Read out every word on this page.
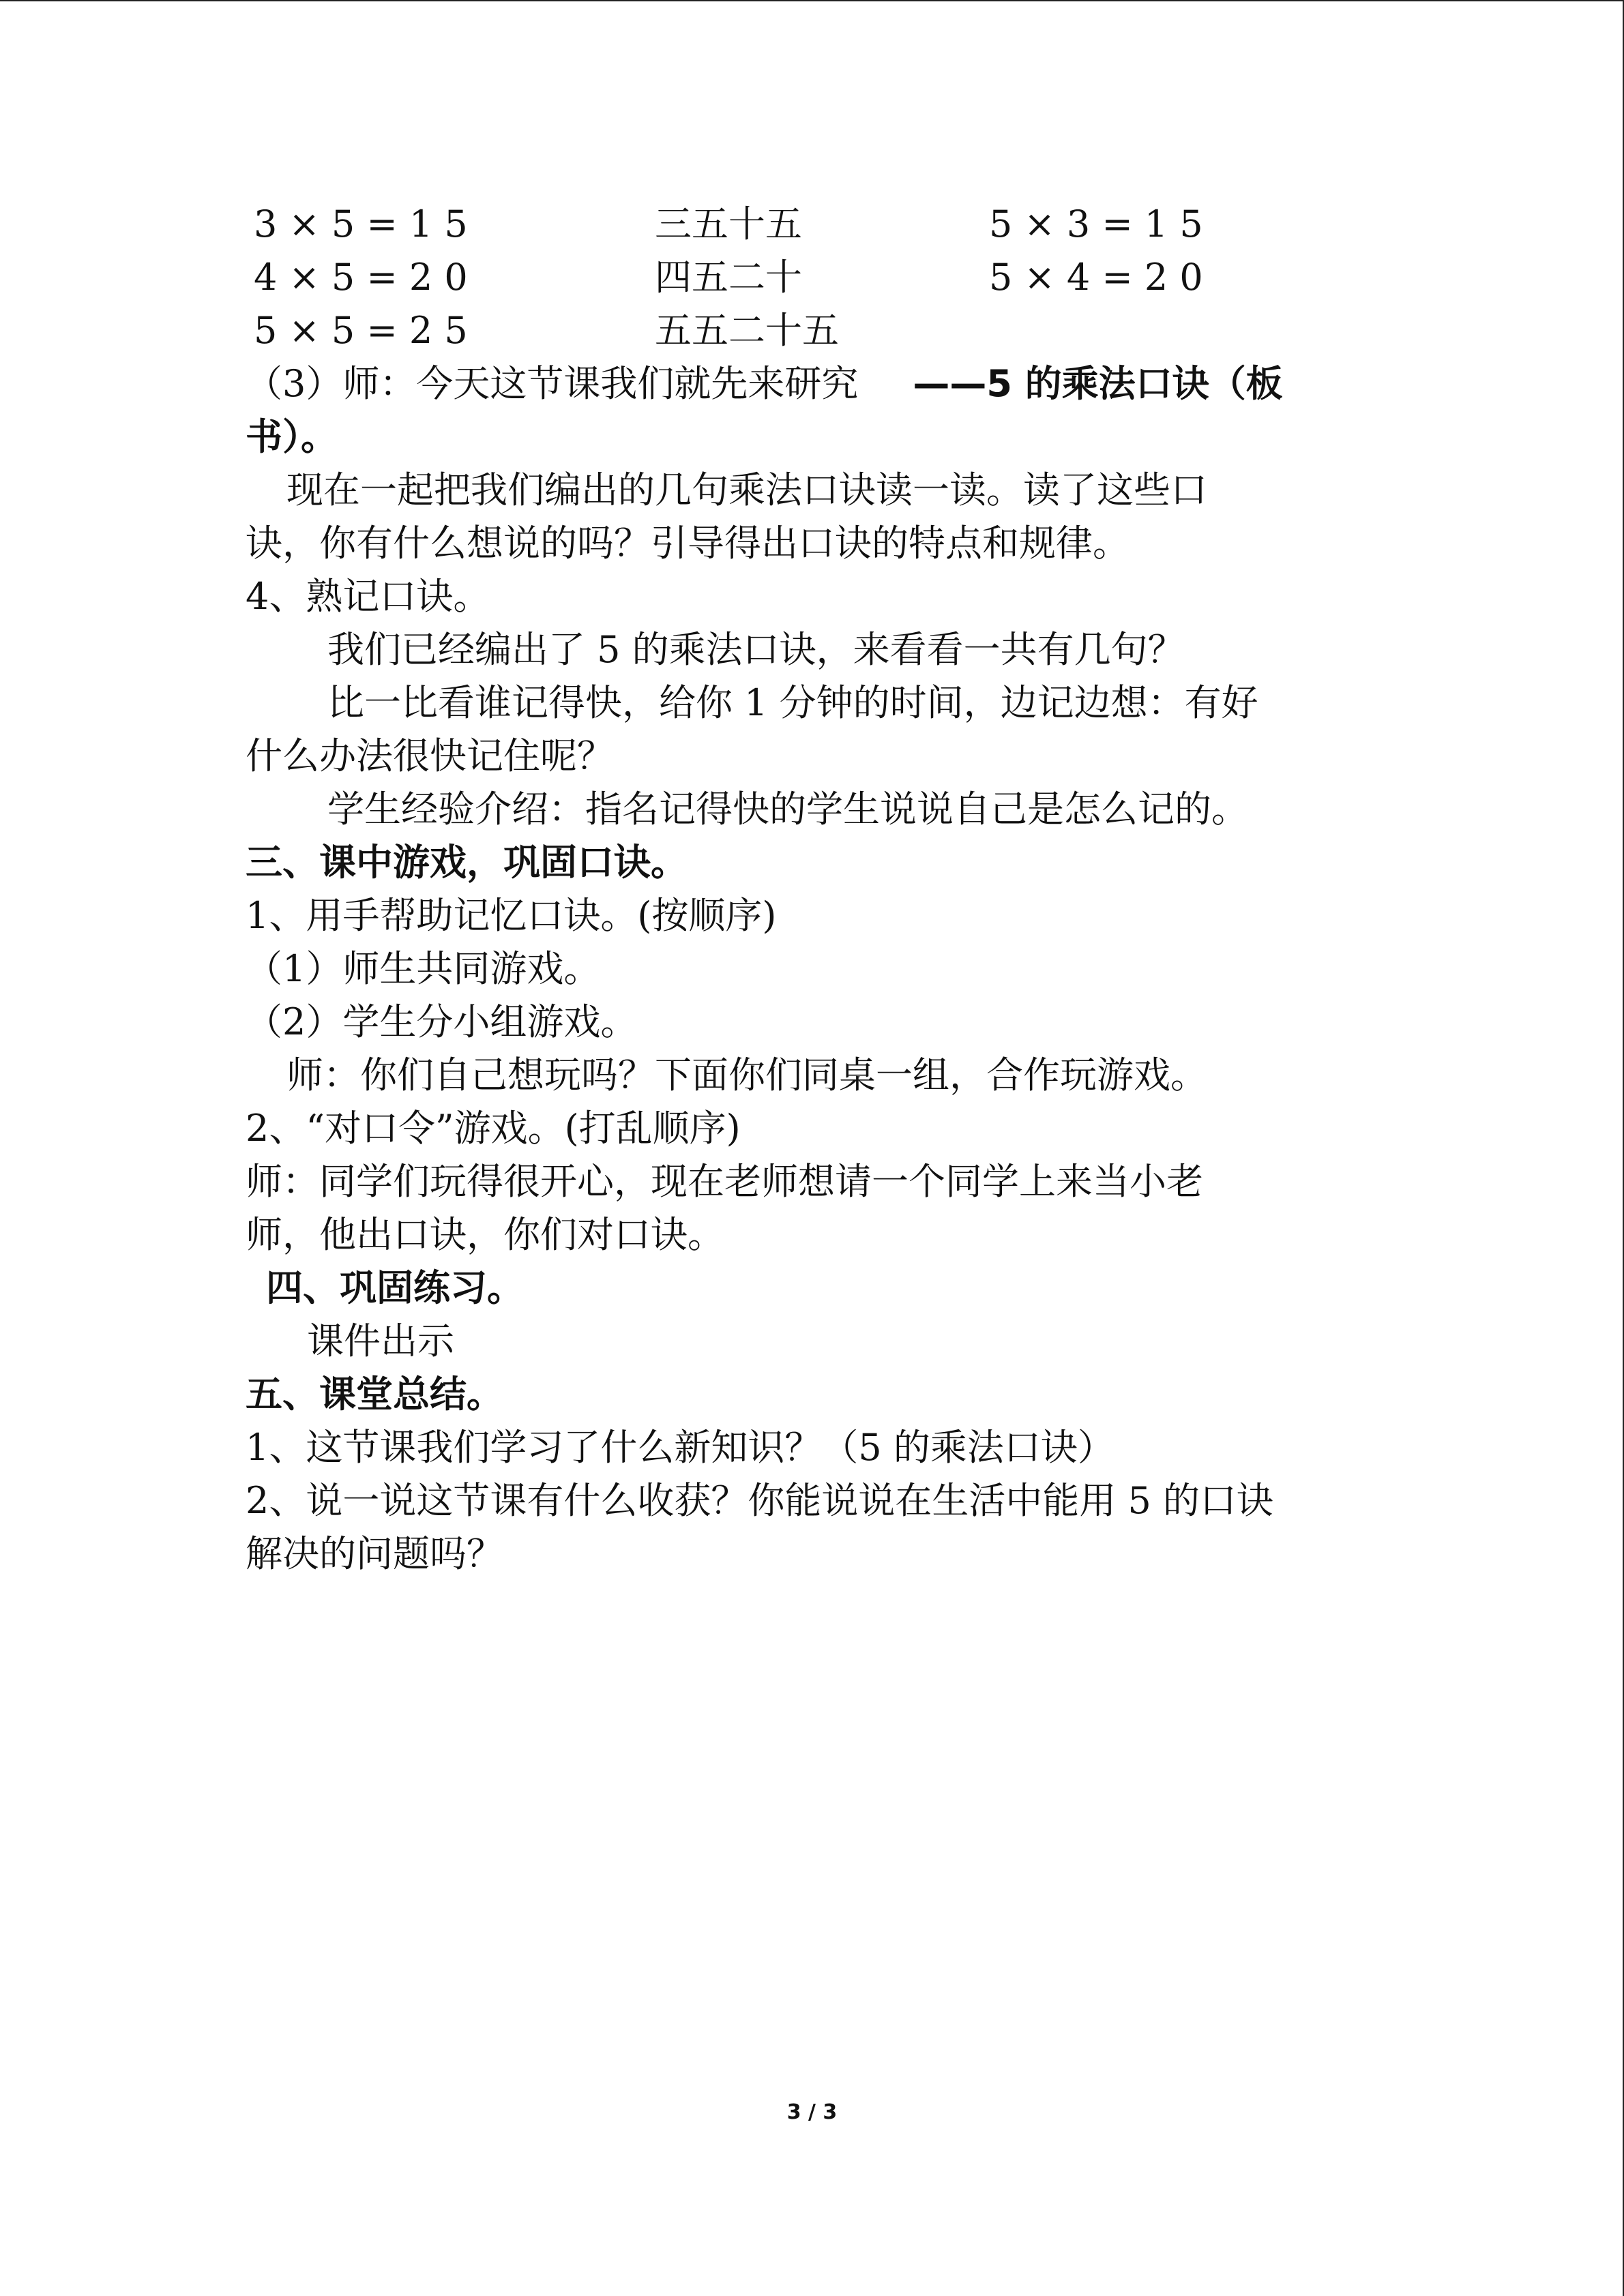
3 × 5 = 1 5	三五十五	5 × 3 = 1 5
4 × 5 = 2 0	四五二十	5 × 4 = 2 0
5 × 5 = 2 5	五五二十五
（3）师：今天这节课我们就先来研究 ——5 的乘法口诀（板
书）。
现在一起把我们编出的几句乘法口诀读一读。读了这些口
诀，你有什么想说的吗？引导得出口诀的特点和规律。
4、熟记口诀。
我们已经编出了 5 的乘法口诀，来看看一共有几句？
比一比看谁记得快，给你 1 分钟的时间，边记边想：有好
什么办法很快记住呢？
学生经验介绍：指名记得快的学生说说自己是怎么记的。
三、课中游戏，巩固口诀。
1、用手帮助记忆口诀。(按顺序)
（1）师生共同游戏。
（2）学生分小组游戏。
师：你们自己想玩吗？下面你们同桌一组，合作玩游戏。
2、“对口令”游戏。(打乱顺序)
师：同学们玩得很开心，现在老师想请一个同学上来当小老
师，他出口诀，你们对口诀。
四、巩固练习。
课件出示
五、课堂总结。
1、这节课我们学习了什么新知识？（5 的乘法口诀）
2、说一说这节课有什么收获？你能说说在生活中能用 5 的口诀
解决的问题吗？
3 / 3
